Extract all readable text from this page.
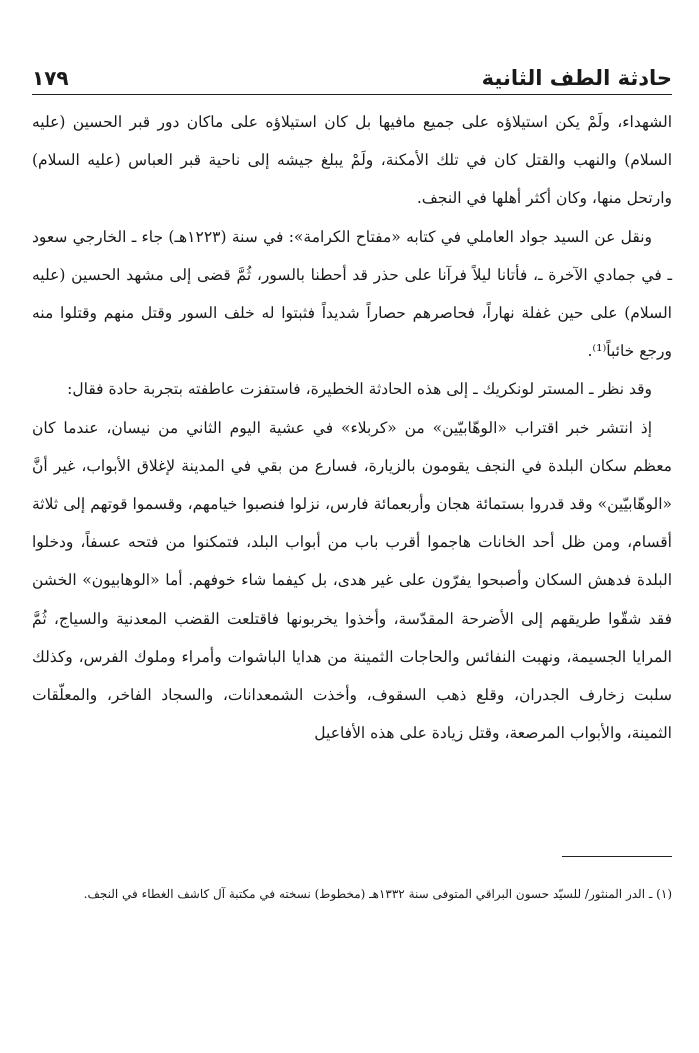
حادثة الطف الثانية
١٧٩

الشهداء، ولَمْ يكن استيلاؤه على جميع مافيها بل كان استيلاؤه على ماكان دور قبر الحسين (عليه السلام) والنهب والقتل كان في تلك الأمكنة، ولَمْ يبلغ جيشه إلى ناحية قبر العباس (عليه السلام) وارتحل منها، وكان أكثر أهلها في النجف.

ونقل عن السيد جواد العاملي في كتابه «مفتاح الكرامة»: في سنة (١٢٢٣هـ) جاء ـ الخارجي سعود ـ في جمادي الآخرة ـ، فأتانا ليلاً فرآنا على حذر قد أحطنا بالسور، ثُمَّ قضى إلى مشهد الحسين (عليه السلام) على حين غفلة نهاراً، فحاصرهم حصاراً شديداً فثبتوا له خلف السور وقتل منهم وقتلوا منه ورجع خائباً⁽¹⁾.

وقد نظر ـ المستر لونكريك ـ إلى هذه الحادثة الخطيرة، فاستفزت عاطفته بتجربة حادة فقال:

إذ انتشر خبر اقتراب «الوهّابيّين» من «كربلاء» في عشية اليوم الثاني من نيسان، عندما كان معظم سكان البلدة في النجف يقومون بالزيارة، فسارع من بقي في المدينة لإغلاق الأبواب، غير أنَّ «الوهّابيّين» وقد قدروا بستمائة هجان وأربعمائة فارس، نزلوا فنصبوا خيامهم، وقسموا قوتهم إلى ثلاثة أقسام، ومن ظل أحد الخانات هاجموا أقرب باب من أبواب البلد، فتمكنوا من فتحه عسفاً، ودخلوا البلدة فدهش السكان وأصبحوا يفرّون على غير هدى، بل كيفما شاء خوفهم. أما «الوهابيون» الخشن فقد شقّوا طريقهم إلى الأضرحة المقدّسة، وأخذوا يخربونها فاقتلعت القضب المعدنية والسياج، ثُمَّ المرايا الجسيمة، ونهبت النفائس والحاجات الثمينة من هدايا الباشوات وأمراء وملوك الفرس، وكذلك سلبت زخارف الجدران، وقلع ذهب السقوف، وأخذت الشمعدانات، والسجاد الفاخر، والمعلّقات الثمينة، والأبواب المرصعة، وقتل زيادة على هذه الأفاعيل

(١) ـ الدر المنثور/ للسيّد حسون البراقي المتوفى سنة ١٣٣٢هـ (مخطوط) نسخته في مكتبة آل كاشف الغطاء في النجف.
